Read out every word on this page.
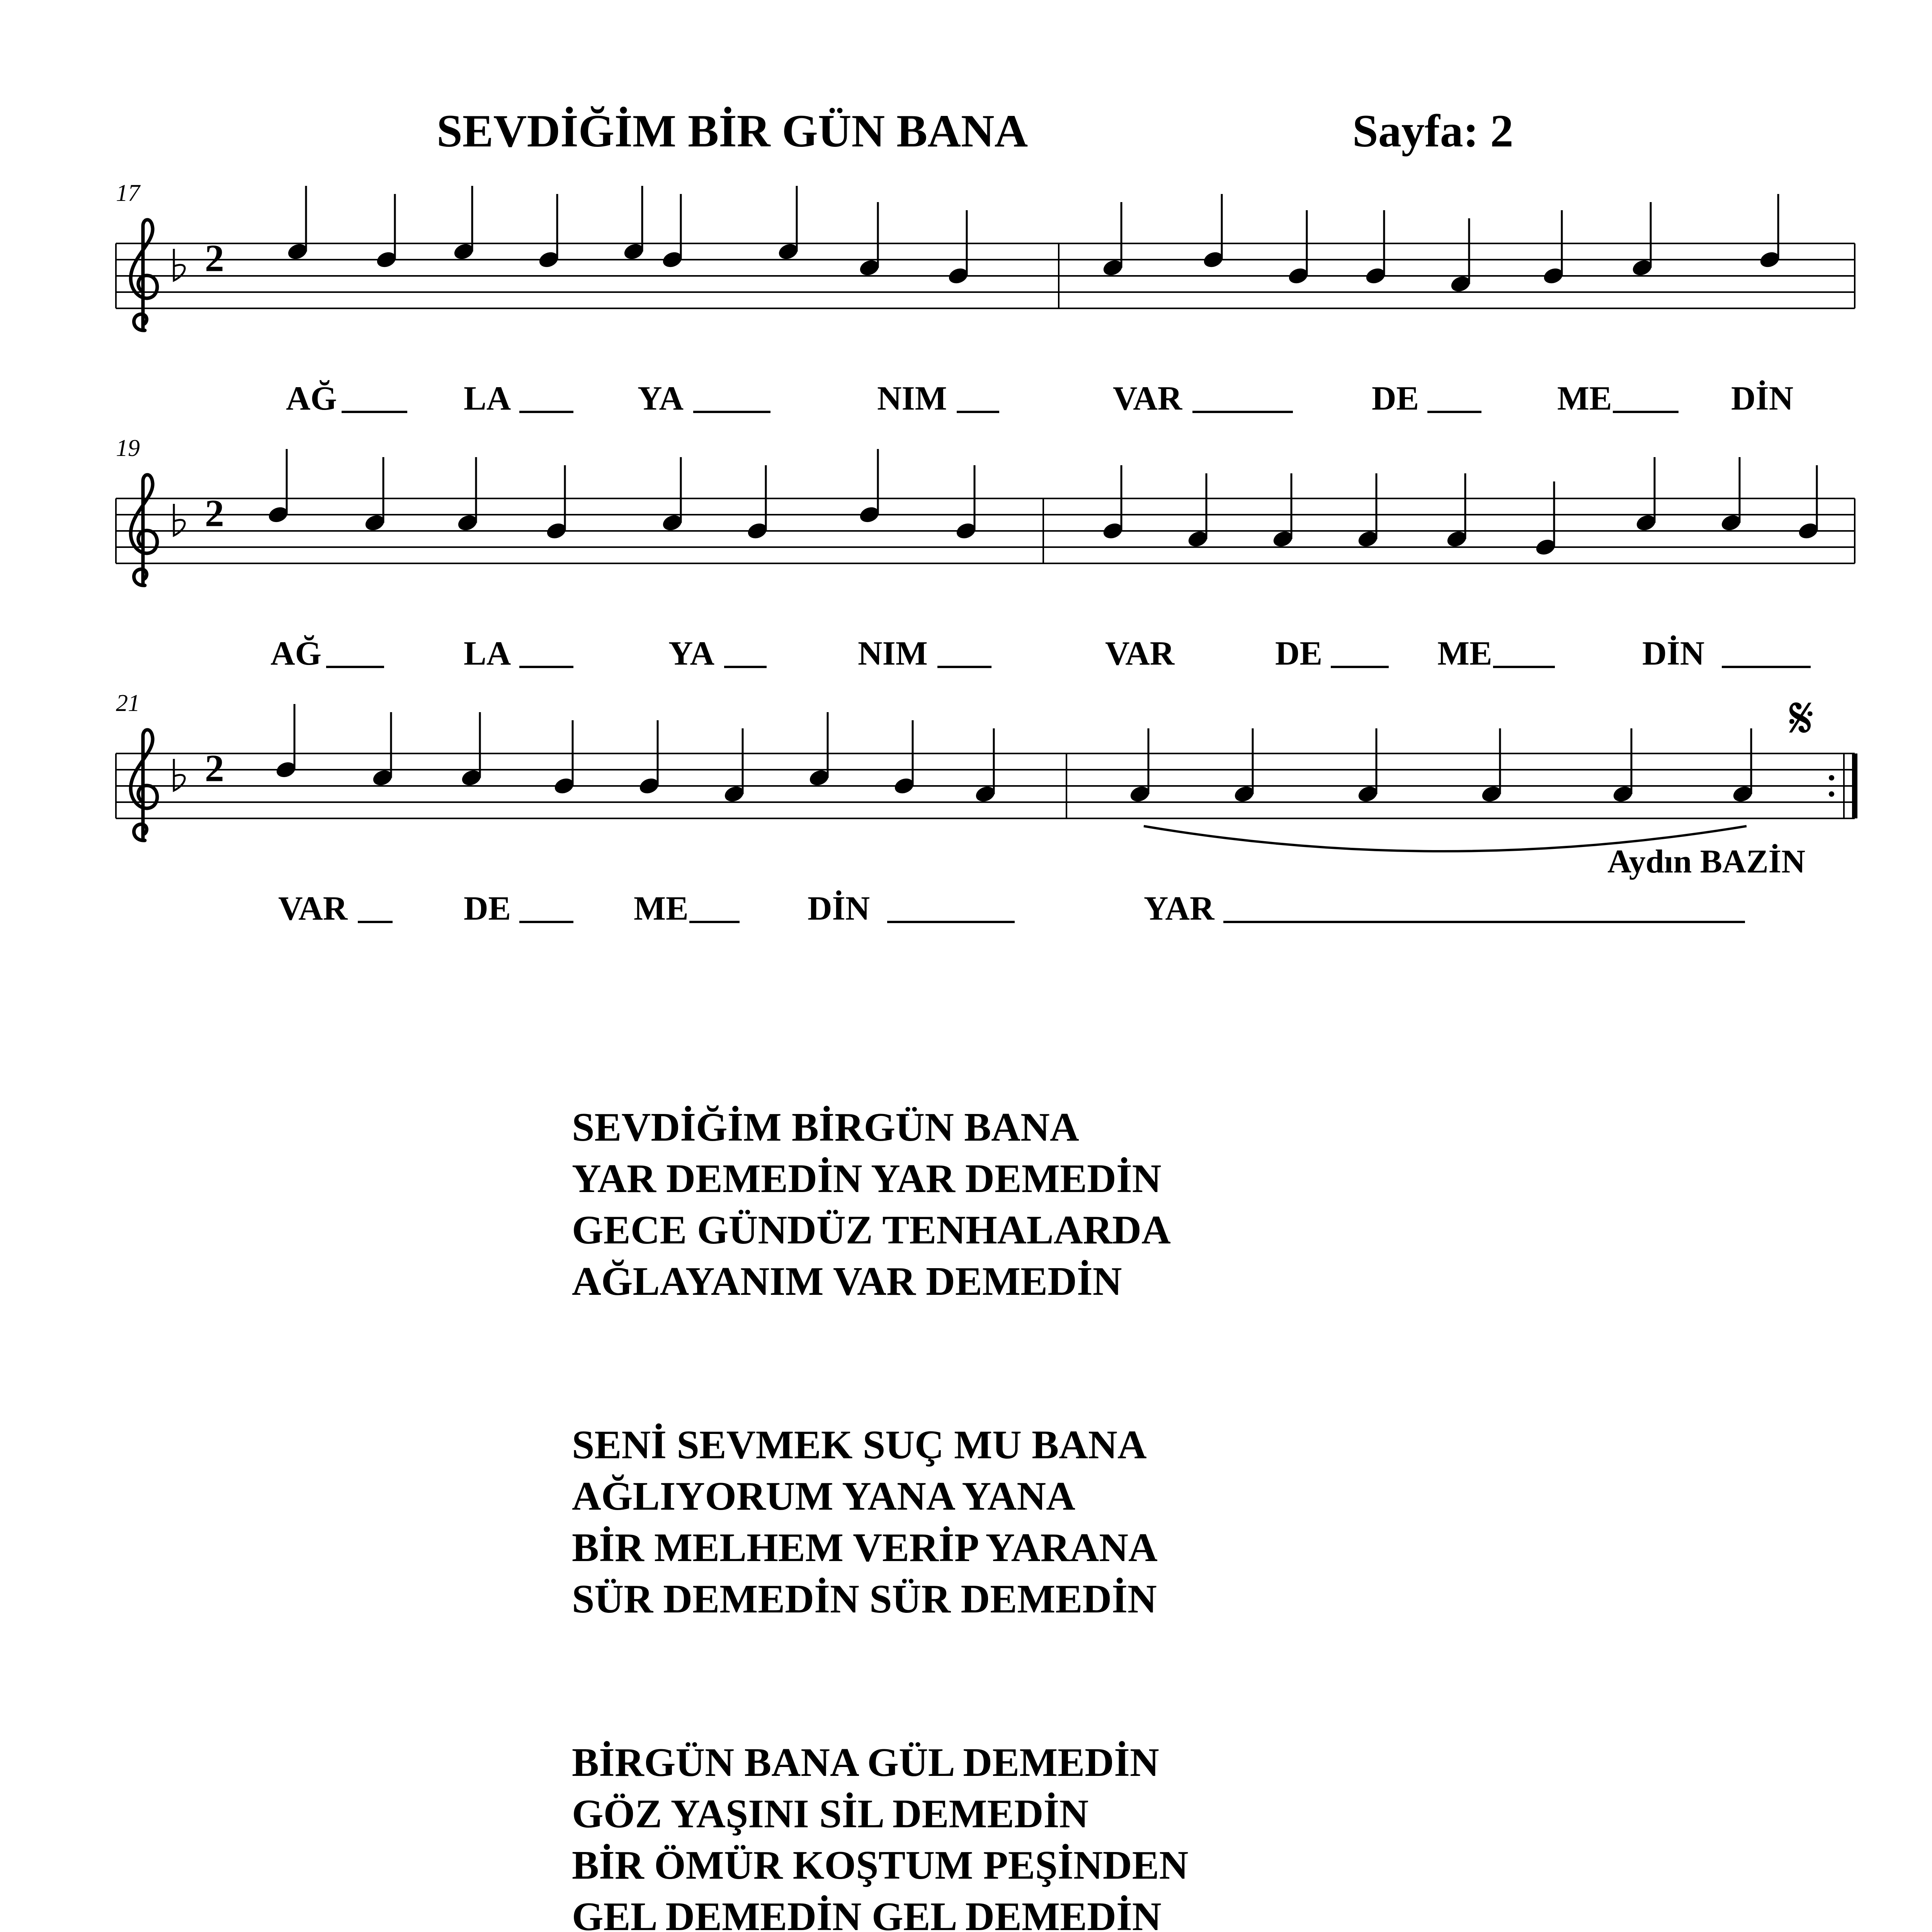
SEVDİĞİM BİR GÜN BANA	Sayfa: 2
2
17
AĞ	LA	YA	NIM	VAR	DE	ME	DİN
2
19
AĞ	LA	YA	NIM	VAR	DE	ME	DİN
2
21
VAR	DE	ME	DİN	YAR
𝄋
Aydın BAZİN
SEVDİĞİM BİRGÜN BANA
YAR DEMEDİN YAR DEMEDİN
GECE GÜNDÜZ TENHALARDA
AĞLAYANIM VAR DEMEDİN
SENİ SEVMEK SUÇ MU BANA
AĞLIYORUM YANA YANA
BİR MELHEM VERİP YARANA
SÜR DEMEDİN SÜR DEMEDİN
BİRGÜN BANA GÜL DEMEDİN
GÖZ YAŞINI SİL DEMEDİN
BİR ÖMÜR KOŞTUM PEŞİNDEN
GEL DEMEDİN GEL DEMEDİN
